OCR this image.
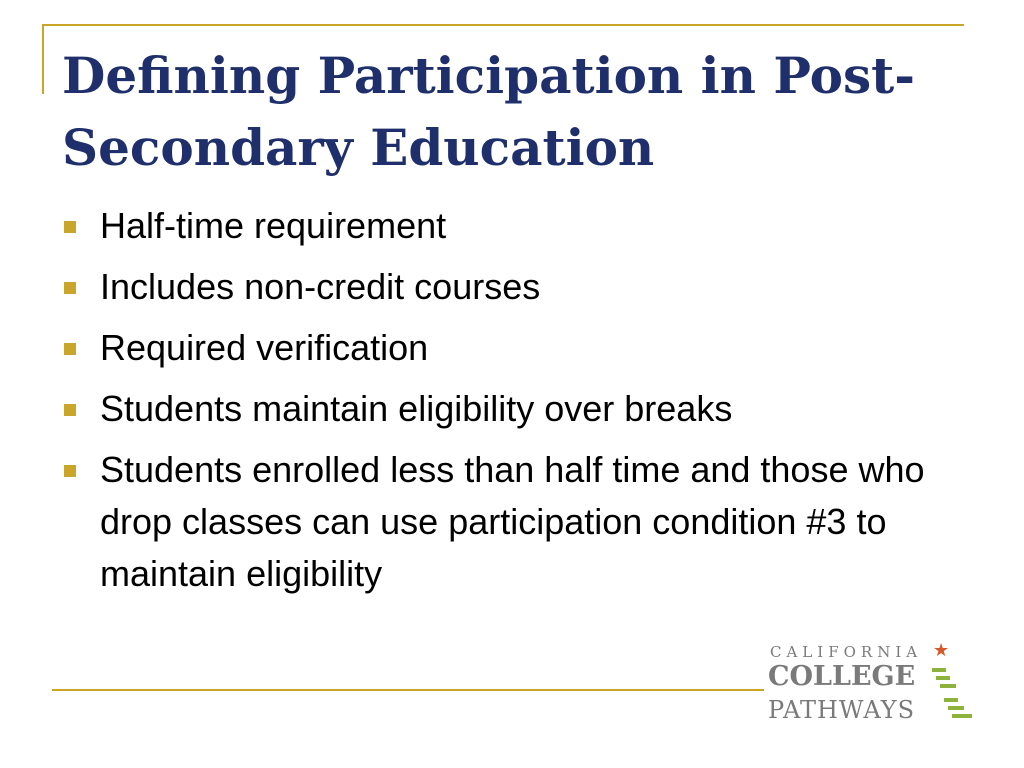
Defining Participation in Post-Secondary Education
Half-time requirement
Includes non-credit courses
Required verification
Students maintain eligibility over breaks
Students enrolled less than half time and those who drop classes can use participation condition #3 to maintain eligibility
CALIFORNIA ★
COLLEGE
PATHWAYS
